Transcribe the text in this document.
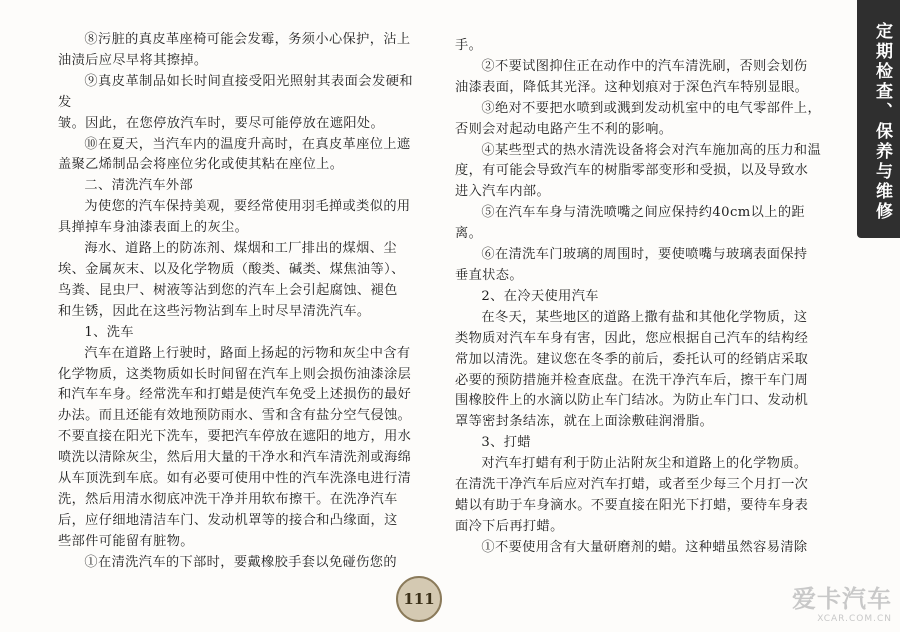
⑧污脏的真皮革座椅可能会发霉，务须小心保护，沾上

油渍后应尽早将其擦掉。

⑨真皮革制品如长时间直接受阳光照射其表面会发硬和发

皱。因此，在您停放汽车时，要尽可能停放在遮阳处。

⑩在夏天，当汽车内的温度升高时，在真皮革座位上遮

盖聚乙烯制品会将座位劣化或使其粘在座位上。

二、清洗汽车外部

为使您的汽车保持美观，要经常使用羽毛掸或类似的用

具掸掉车身油漆表面上的灰尘。

海水、道路上的防冻剂、煤烟和工厂排出的煤烟、尘

埃、金属灰末、以及化学物质（酸类、碱类、煤焦油等）、

鸟粪、昆虫尸、树液等沾到您的汽车上会引起腐蚀、褪色

和生锈，因此在这些污物沾到车上时尽早清洗汽车。

1、洗车

汽车在道路上行驶时，路面上扬起的污物和灰尘中含有

化学物质，这类物质如长时间留在汽车上则会损伤油漆涂层

和汽车车身。经常洗车和打蜡是使汽车免受上述损伤的最好

办法。而且还能有效地预防雨水、雪和含有盐分空气侵蚀。

不要直接在阳光下洗车，要把汽车停放在遮阳的地方，用水

喷洗以清除灰尘，然后用大量的干净水和汽车清洗剂或海绵

从车顶洗到车底。如有必要可使用中性的汽车洗涤电进行清

洗，然后用清水彻底冲洗干净并用软布擦干。在洗净汽车

后，应仔细地清洁车门、发动机罩等的接合和凸缘面，这

些部件可能留有脏物。

①在清洗汽车的下部时，要戴橡胶手套以免碰伤您的

手。

②不要试图抑住正在动作中的汽车清洗刷，否则会划伤

油漆表面，降低其光泽。这种划痕对于深色汽车特别显眼。

③绝对不要把水喷到或溅到发动机室中的电气零部件上，

否则会对起动电路产生不利的影响。

④某些型式的热水清洗设备将会对汽车施加高的压力和温

度，有可能会导致汽车的树脂零部变形和受损，以及导致水

进入汽车内部。

⑤在汽车车身与清洗喷嘴之间应保持约40cm以上的距

离。

⑥在清洗车门玻璃的周围时，要使喷嘴与玻璃表面保持

垂直状态。

2、在冷天使用汽车

在冬天，某些地区的道路上撒有盐和其他化学物质，这

类物质对汽车车身有害，因此，您应根据自己汽车的结构经

常加以清洗。建议您在冬季的前后，委托认可的经销店采取

必要的预防措施并检查底盘。在洗干净汽车后，擦干车门周

围橡胶件上的水滴以防止车门结冰。为防止车门口、发动机

罩等密封条结冻，就在上面涂敷硅润滑脂。

3、打蜡

对汽车打蜡有利于防止沾附灰尘和道路上的化学物质。

在清洗干净汽车后应对汽车打蜡，或者至少每三个月打一次

蜡以有助于车身滴水。不要直接在阳光下打蜡，要待车身表

面冷下后再打蜡。

①不要使用含有大量研磨剂的蜡。这种蜡虽然容易清除

定期检查、保养与维修
111	爱卡汽车
XCAR.COM.CN
